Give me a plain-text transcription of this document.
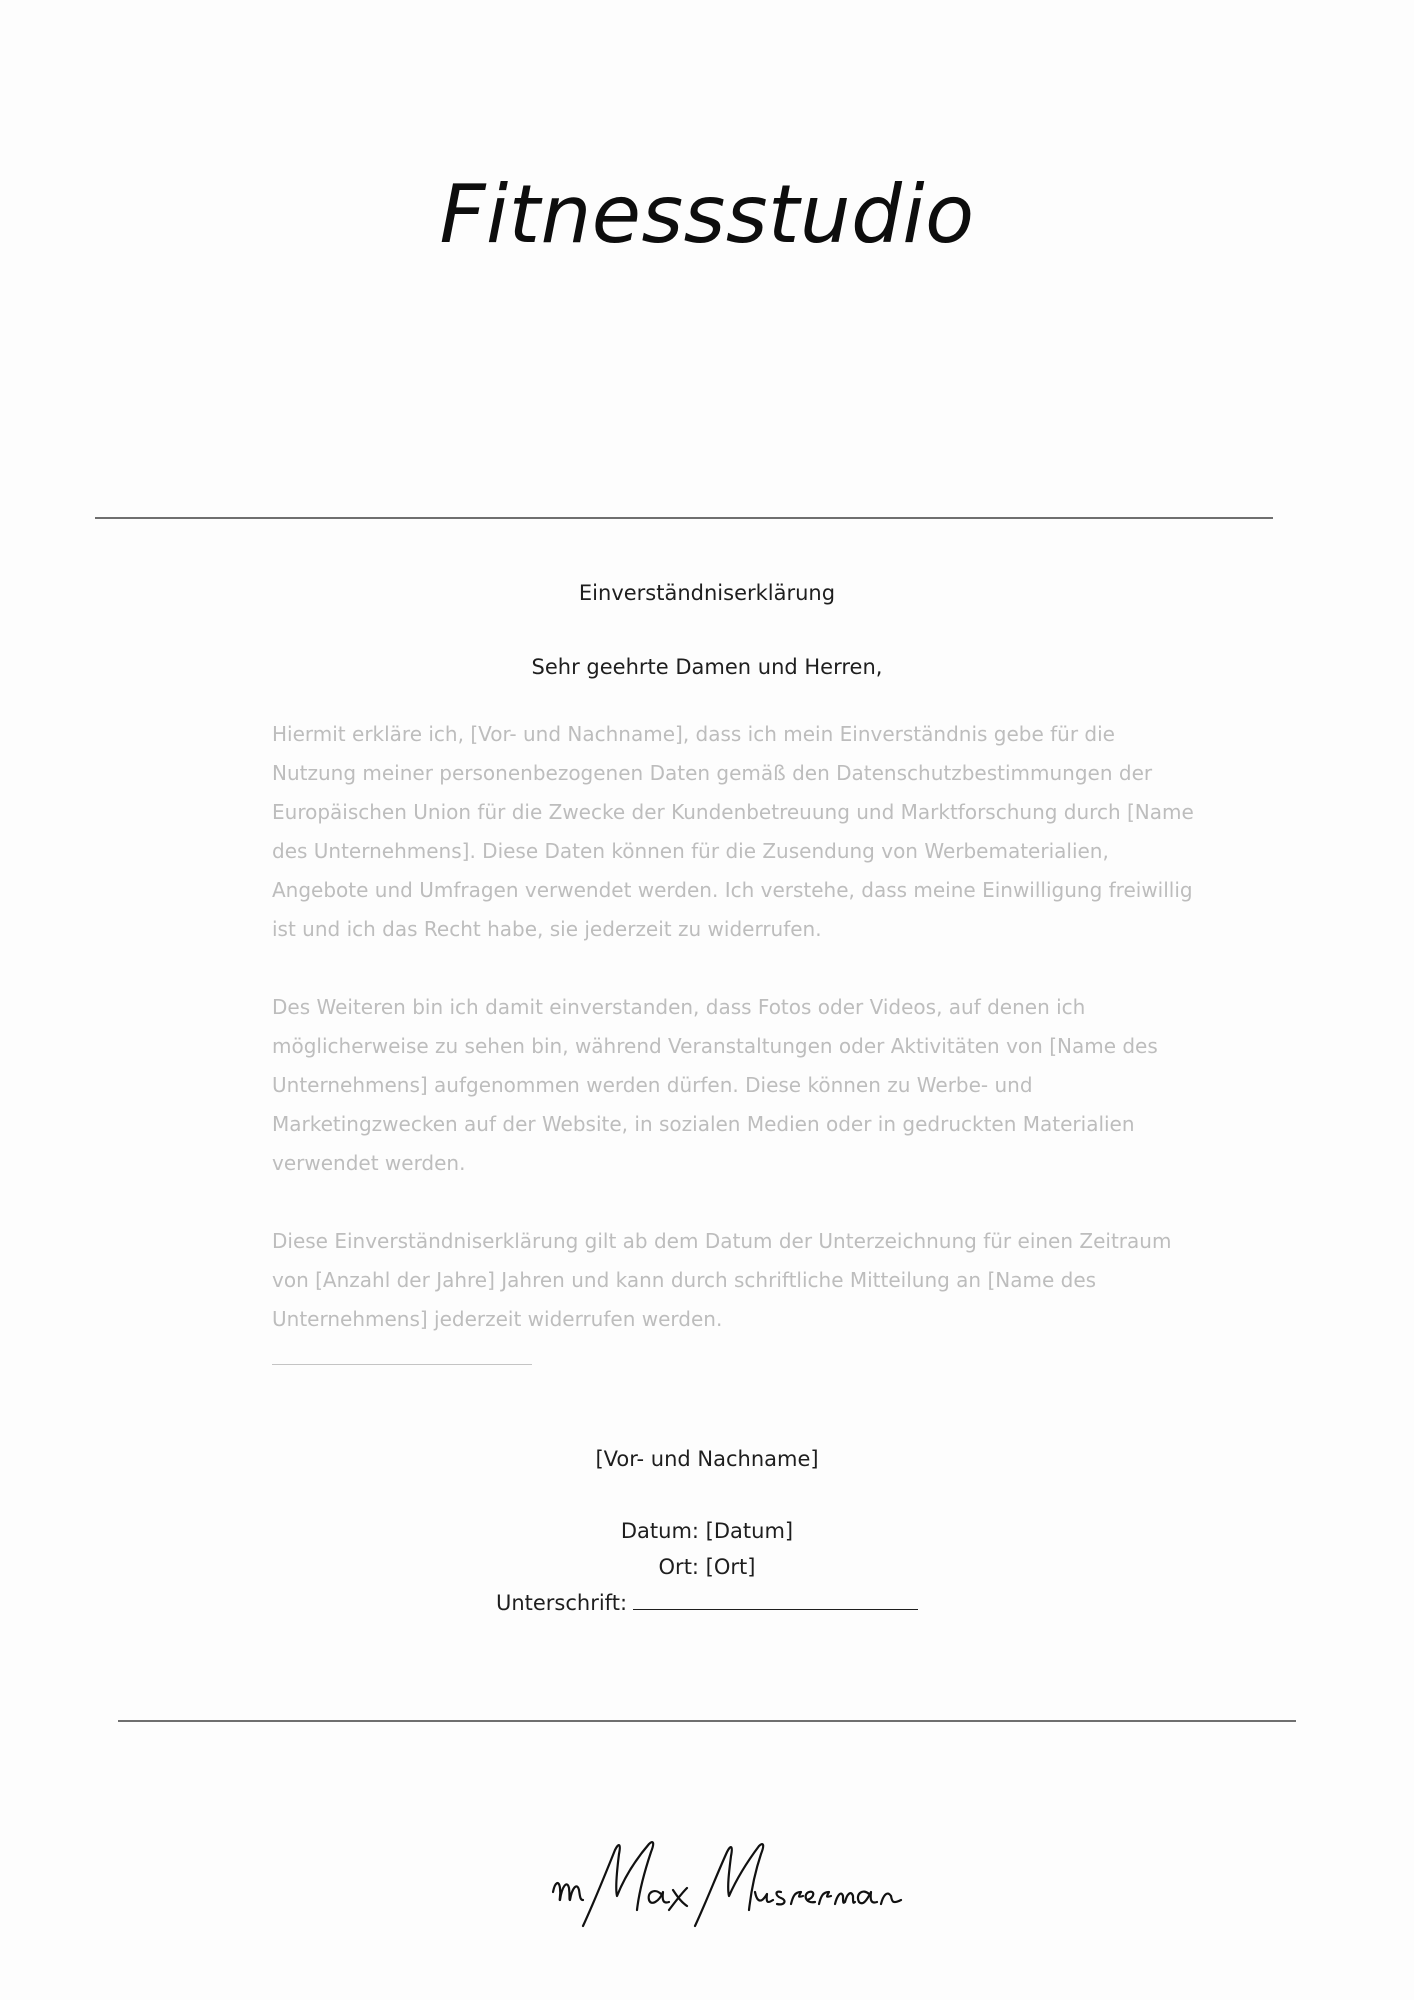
Fitnessstudio
Einverständniserklärung
Sehr geehrte Damen und Herren,

Hiermit erkläre ich, [Vor- und Nachname], dass ich mein Einverständnis gebe für die Nutzung meiner personenbezogenen Daten gemäß den Datenschutzbestimmungen der Europäischen Union für die Zwecke der Kundenbetreuung und Marktforschung durch [Name des Unternehmens]. Diese Daten können für die Zusendung von Werbematerialien, Angebote und Umfragen verwendet werden. Ich verstehe, dass meine Einwilligung freiwillig ist und ich das Recht habe, sie jederzeit zu widerrufen.

Des Weiteren bin ich damit einverstanden, dass Fotos oder Videos, auf denen ich möglicherweise zu sehen bin, während Veranstaltungen oder Aktivitäten von [Name des Unternehmens] aufgenommen werden dürfen. Diese können zu Werbe- und Marketingzwecken auf der Website, in sozialen Medien oder in gedruckten Materialien verwendet werden.

Diese Einverständniserklärung gilt ab dem Datum der Unterzeichnung für einen Zeitraum von [Anzahl der Jahre] Jahren und kann durch schriftliche Mitteilung an [Name des Unternehmens] jederzeit widerrufen werden.

[Vor- und Nachname]
Datum: [Datum]
Ort: [Ort]
Unterschrift:
